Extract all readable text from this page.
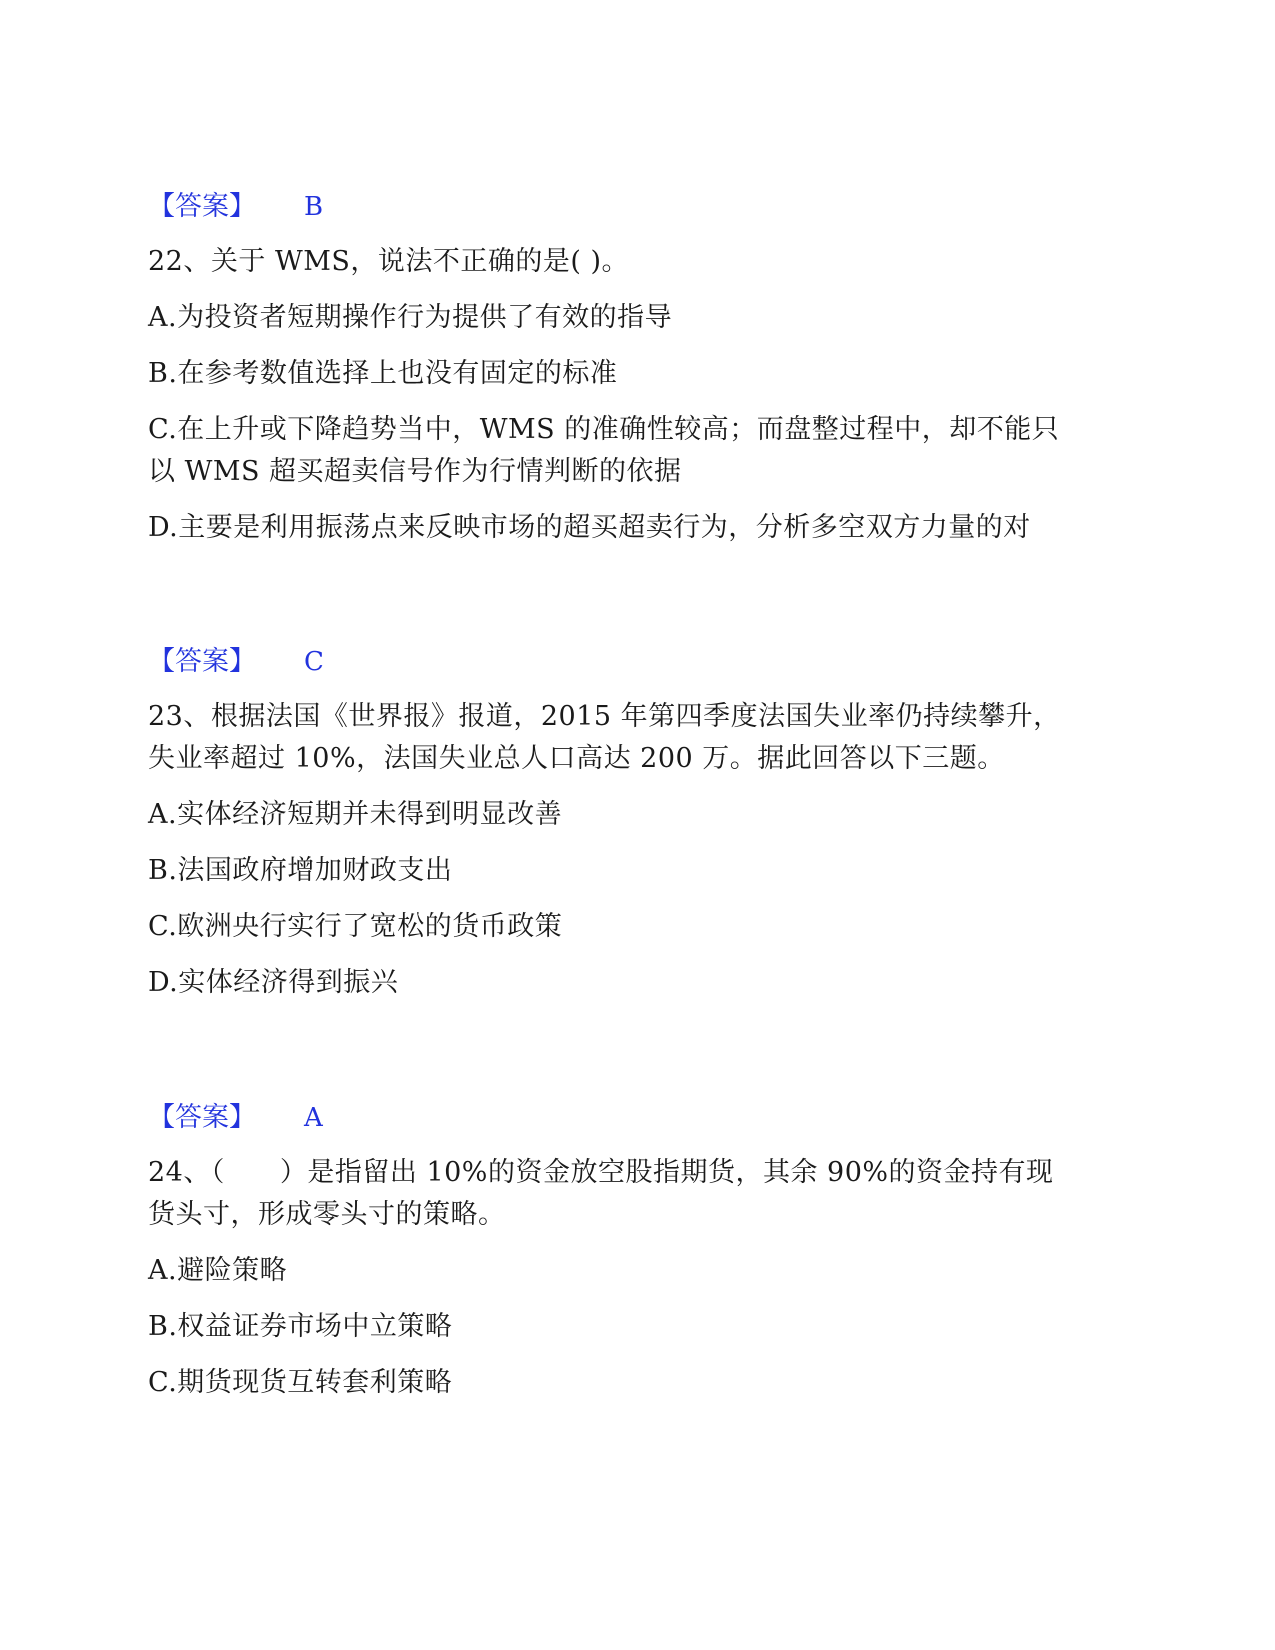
【答案】 B
22、关于 WMS，说法不正确的是( )。
A.为投资者短期操作行为提供了有效的指导
B.在参考数值选择上也没有固定的标准
C.在上升或下降趋势当中，WMS 的准确性较高；而盘整过程中，却不能只以 WMS 超买超卖信号作为行情判断的依据
D.主要是利用振荡点来反映市场的超买超卖行为，分析多空双方力量的对
【答案】 C
23、根据法国《世界报》报道，2015 年第四季度法国失业率仍持续攀升，失业率超过 10%，法国失业总人口高达 200 万。据此回答以下三题。
A.实体经济短期并未得到明显改善
B.法国政府增加财政支出
C.欧洲央行实行了宽松的货币政策
D.实体经济得到振兴
【答案】 A
24、（　　）是指留出 10%的资金放空股指期货，其余 90%的资金持有现货头寸，形成零头寸的策略。
A.避险策略
B.权益证券市场中立策略
C.期货现货互转套利策略
